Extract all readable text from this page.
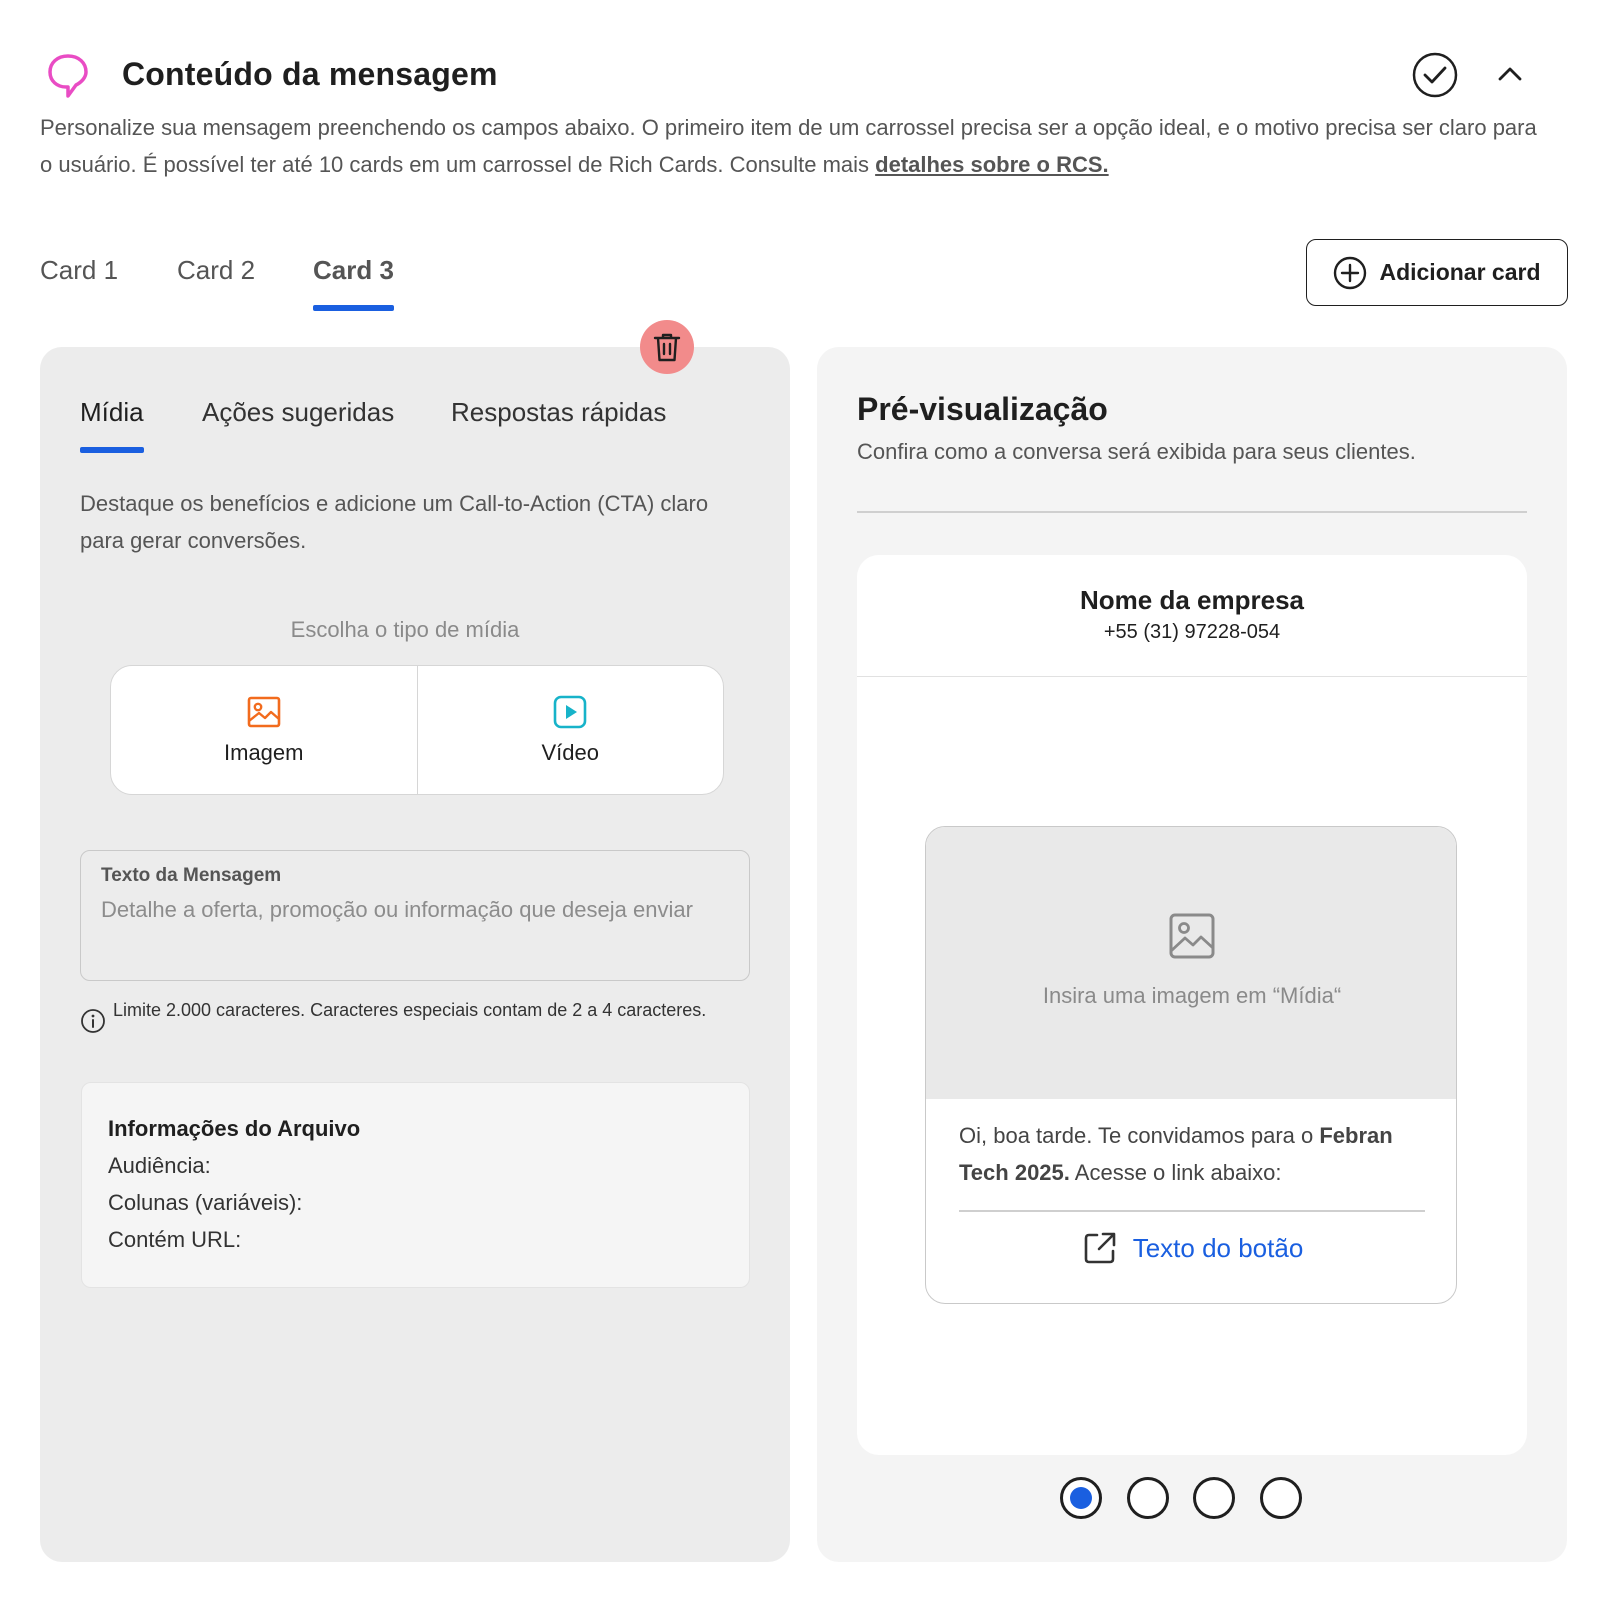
Conteúdo da mensagem
Personalize sua mensagem preenchendo os campos abaixo. O primeiro item de um carrossel precisa ser a opção ideal, e o motivo precisa ser claro para o usuário. É possível ter até 10 cards em um carrossel de Rich Cards. Consulte mais detalhes sobre o RCS.
Card 1 Card 2 Card 3	Adicionar card
Mídia Ações sugeridas Respostas rápidas
Destaque os benefícios e adicione um Call-to-Action (CTA) claro para gerar conversões.
Escolha o tipo de mídia
Imagem	Vídeo
Texto da Mensagem
Detalhe a oferta, promoção ou informação que deseja enviar
Limite 2.000 caracteres. Caracteres especiais contam de 2 a 4 caracteres.
Informações do Arquivo
Audiência:
Colunas (variáveis):
Contém URL:
Pré-visualização
Confira como a conversa será exibida para seus clientes.
Nome da empresa
+55 (31) 97228-054
Insira uma imagem em “Mídia“
Oi, boa tarde. Te convidamos para o Febran Tech 2025. Acesse o link abaixo:
Texto do botão
